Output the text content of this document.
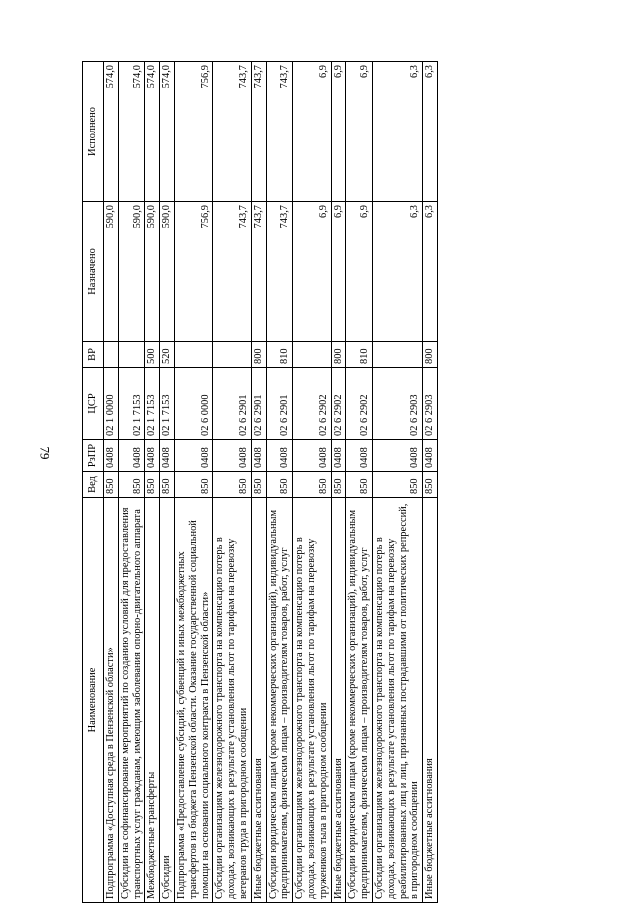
79
Наименование	Вед	РзПР	ЦСР	ВР	Назначено	Исполнено
Подпрограмма «Доступная среда в Пензенской области»	850	0408	02 1 0000		590,0	574,0
Субсидии на софинансирование мероприятий по созданию условий для предоставления транспортных услуг гражданам, имеющим заболевания опорно-двигательного аппарата	850	0408	02 1 7153		590,0	574,0
Межбюджетные трансферты	850	0408	02 1 7153	500	590,0	574,0
Субсидии	850	0408	02 1 7153	520	590,0	574,0
Подпрограмма «Предоставление субсидий, субвенций и иных межбюджетных трансфертов из бюджета Пензенской области. Оказание государственной социальной помощи на основании социального контракта в Пензенской области»	850	0408	02 6 0000		756,9	756,9
Субсидии организациям железнодорожного транспорта на компенсацию потерь в доходах, возникающих в результате установления льгот по тарифам на перевозку ветеранов труда в пригородном сообщении	850	0408	02 6 2901		743,7	743,7
Иные бюджетные ассигнования	850	0408	02 6 2901	800	743,7	743,7
Субсидии юридическим лицам (кроме некоммерческих организаций), индивидуальным предпринимателям, физическим лицам – производителям товаров, работ, услуг	850	0408	02 6 2901	810	743,7	743,7
Субсидии организациям железнодорожного транспорта на компенсацию потерь в доходах, возникающих в результате установления льгот по тарифам на перевозку тружеников тыла в пригородном сообщении	850	0408	02 6 2902		6,9	6,9
Иные бюджетные ассигнования	850	0408	02 6 2902	800	6,9	6,9
Субсидии юридическим лицам (кроме некоммерческих организаций), индивидуальным предпринимателям, физическим лицам – производителям товаров, работ, услуг	850	0408	02 6 2902	810	6,9	6,9
Субсидии организациям железнодорожного транспорта на компенсацию потерь в доходах, возникающих в результате установления льгот по тарифам на перевозку реабилитированных лиц и лиц, признанных пострадавшими от политических репрессий, в пригородном сообщении	850	0408	02 6 2903		6,3	6,3
Иные бюджетные ассигнования	850	0408	02 6 2903	800	6,3	6,3
